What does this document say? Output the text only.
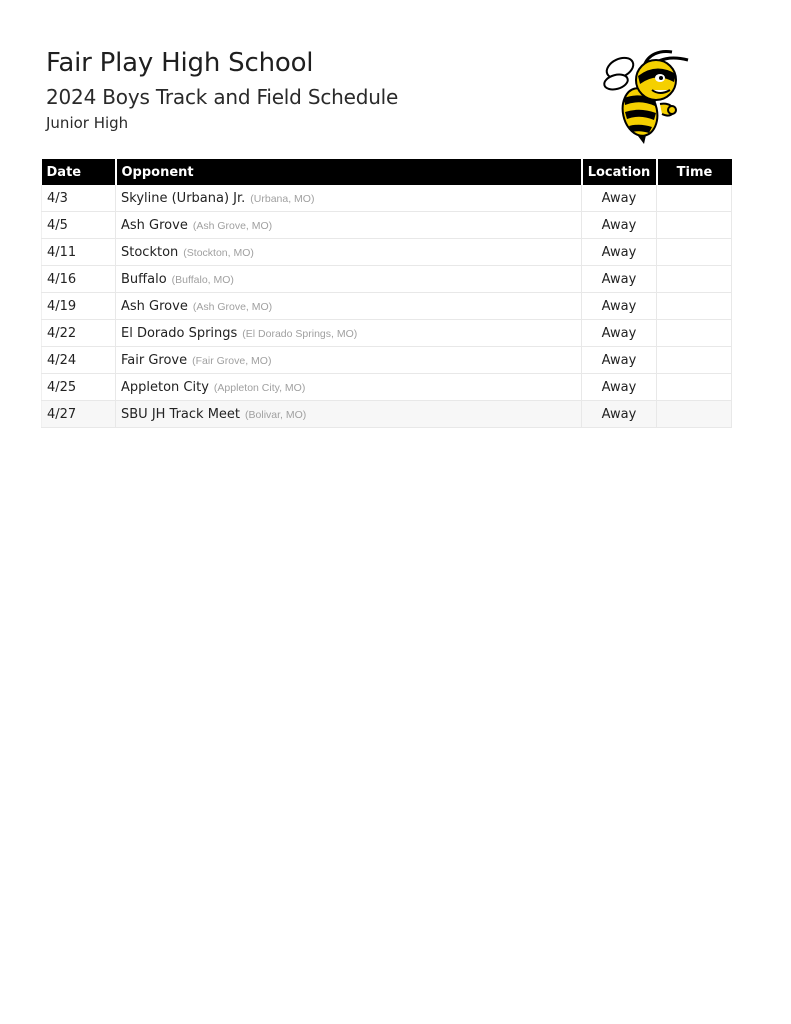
Fair Play High School
2024 Boys Track and Field Schedule
Junior High
Date	Opponent	Location	Time
4/3	Skyline (Urbana) Jr. (Urbana, MO)	Away	
4/5	Ash Grove (Ash Grove, MO)	Away	
4/11	Stockton (Stockton, MO)	Away	
4/16	Buffalo (Buffalo, MO)	Away	
4/19	Ash Grove (Ash Grove, MO)	Away	
4/22	El Dorado Springs (El Dorado Springs, MO)	Away	
4/24	Fair Grove (Fair Grove, MO)	Away	
4/25	Appleton City (Appleton City, MO)	Away	
4/27	SBU JH Track Meet (Bolivar, MO)	Away	
